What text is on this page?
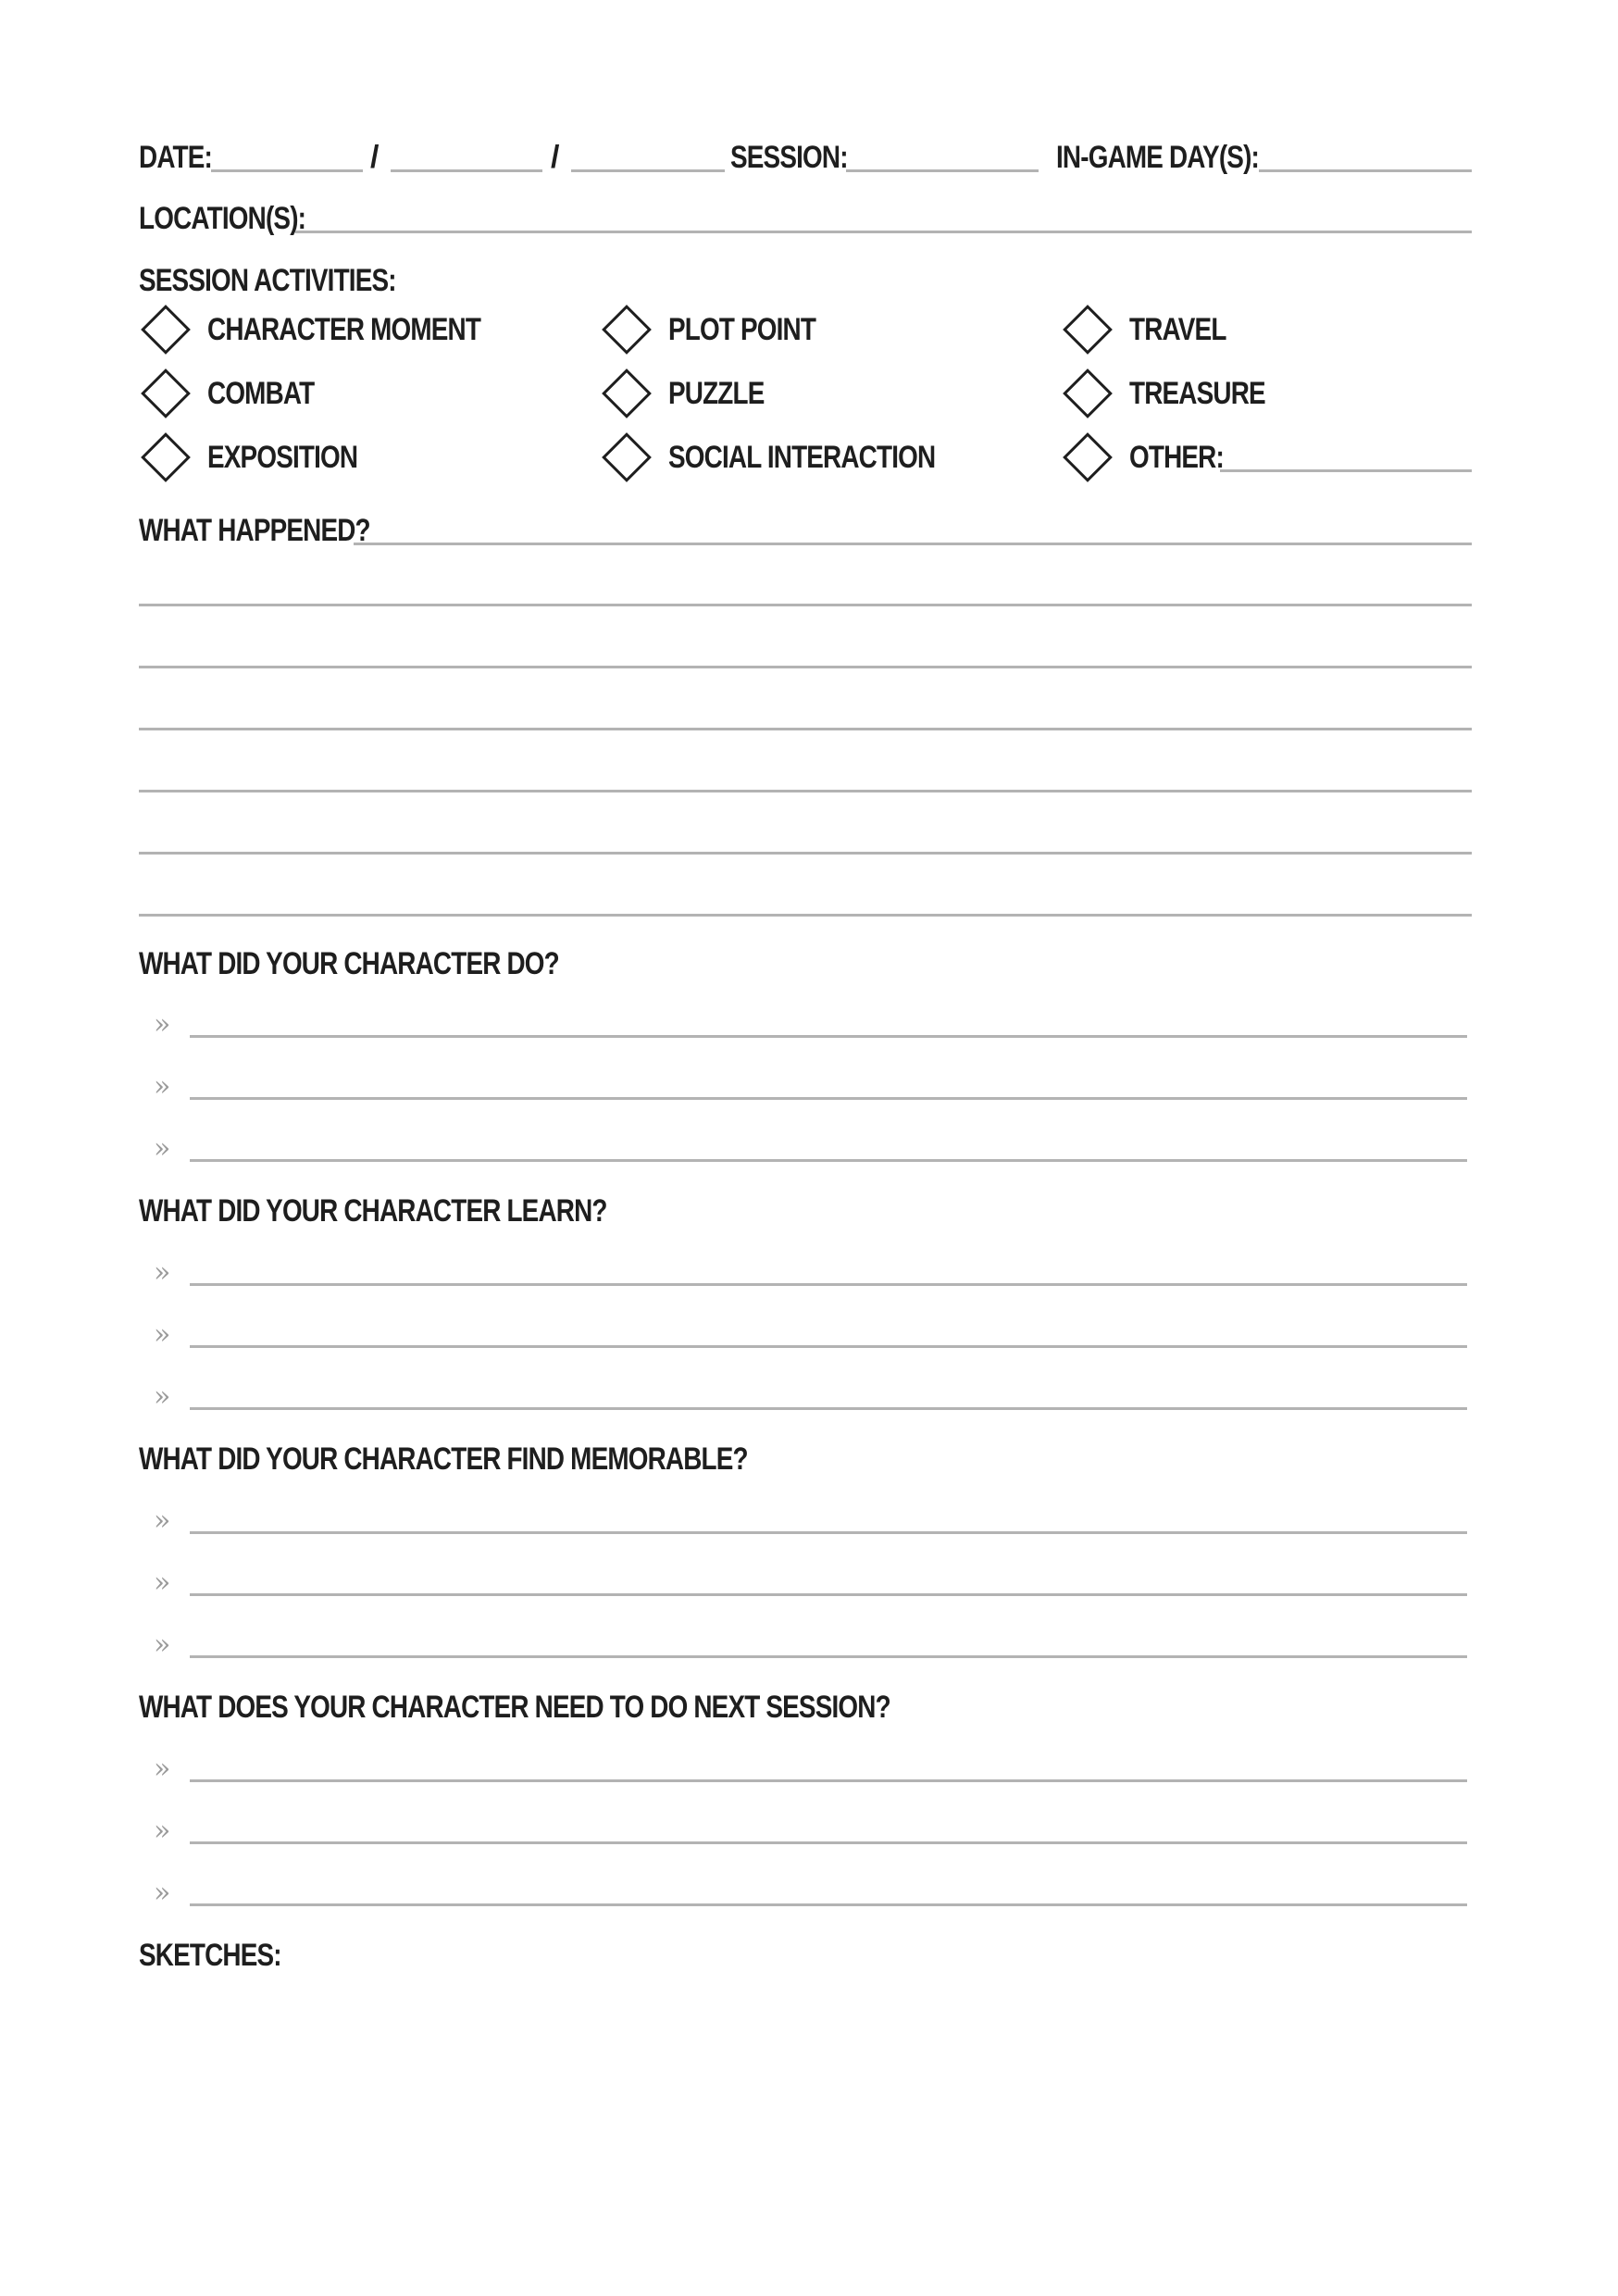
DATE:	/	/	SESSION:	IN-GAME DAY(S):
LOCATION(S):
SESSION ACTIVITIES:
CHARACTER MOMENT	PLOT POINT	TRAVEL
COMBAT	PUZZLE	TREASURE
EXPOSITION	SOCIAL INTERACTION	OTHER:
WHAT HAPPENED?
WHAT DID YOUR CHARACTER DO?
»
»
»
WHAT DID YOUR CHARACTER LEARN?
»
»
»
WHAT DID YOUR CHARACTER FIND MEMORABLE?
»
»
»
WHAT DOES YOUR CHARACTER NEED TO DO NEXT SESSION?
»
»
»
SKETCHES:
